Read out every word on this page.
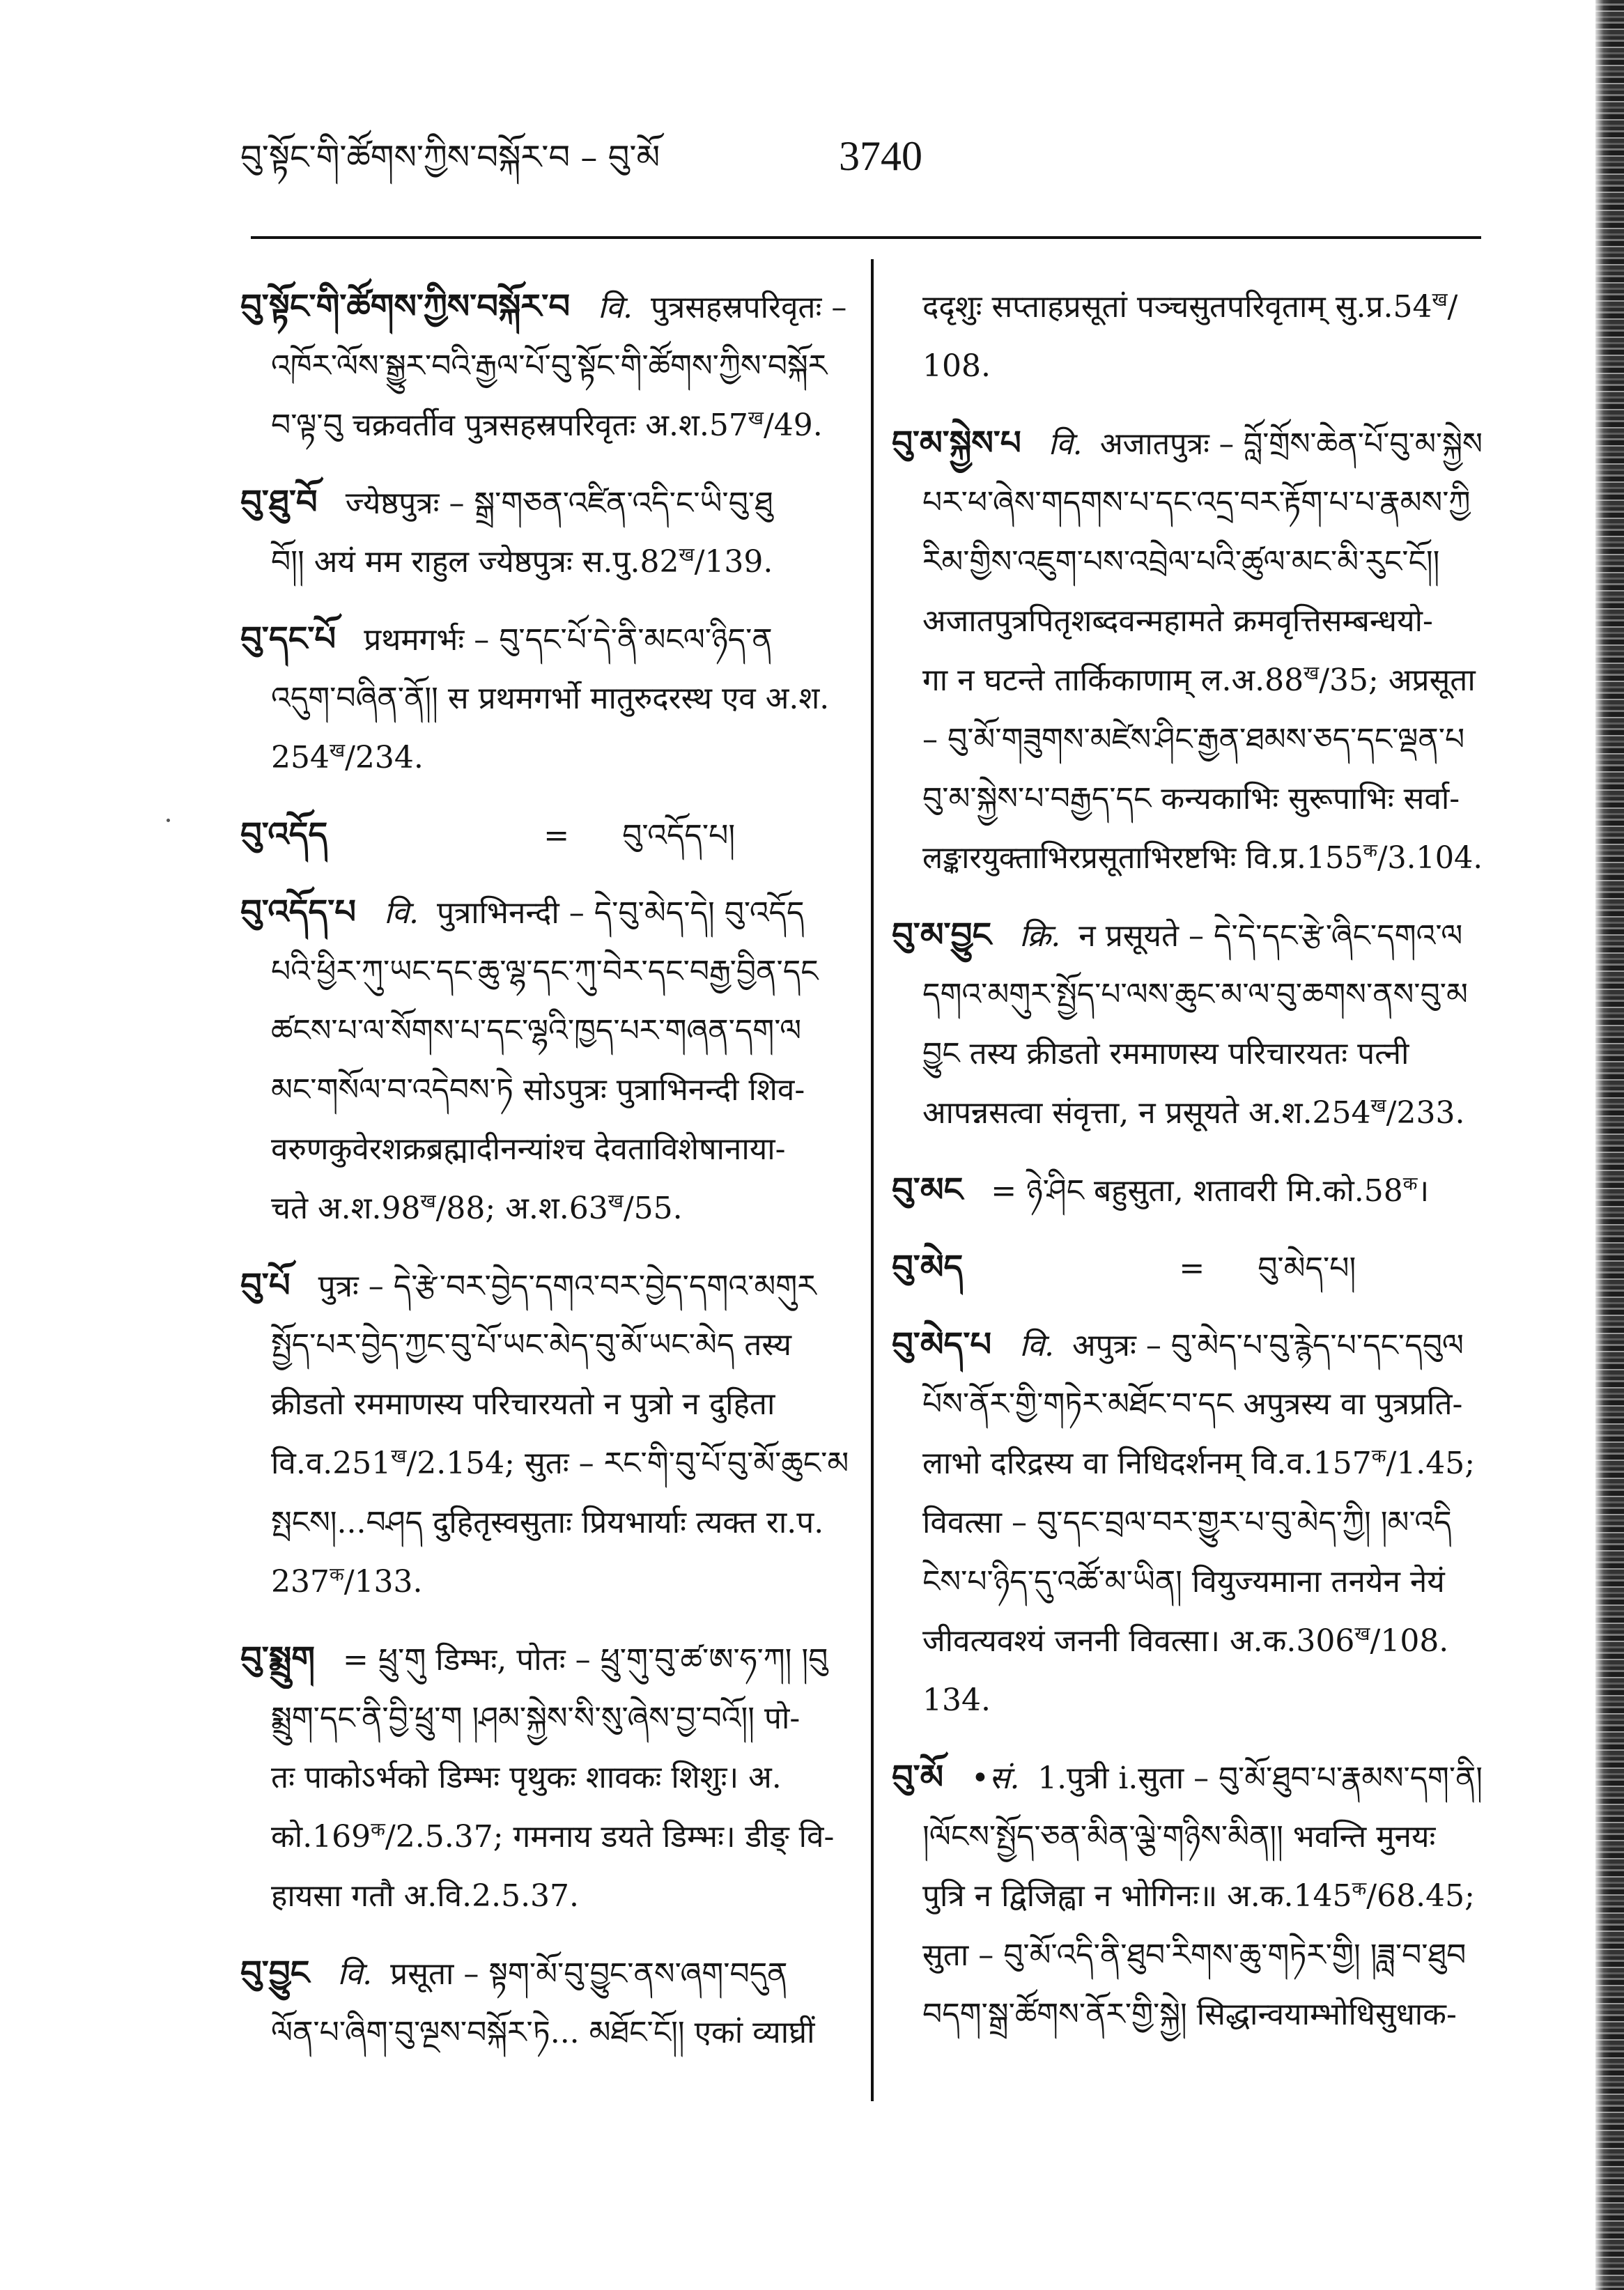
བུ་སྟོང་གི་ཚོགས་ཀྱིས་བསྐོར་བ – བུ་མོ	3740
བུ་སྟོང་གི་ཚོགས་ཀྱིས་བསྐོར་བ वि. पुत्रसहस्रपरिवृतः –
འཁོར་ལོས་སྒྱུར་བའི་རྒྱལ་པོ་བུ་སྟོང་གི་ཚོགས་ཀྱིས་བསྐོར
བ་ལྟ་བུ चक्रवर्तीव पुत्रसहस्रपरिवृतः $अ.श.57^ख/49$.
བུ་ཐུ་བོ ज्येष्ठपुत्रः – སྒྲ་གཅན་འཛིན་འདི་ང་ཡི་བུ་ཐུ
བོ།། अयं मम राहुल ज्येष्ठपुत्रः $स.पु.82^ख/139$.
བུ་དང་པོ प्रथमगर्भः – བུ་དང་པོ་དེ་ནི་མངལ་ཉིད་ན
འདུག་བཞིན་ནོ།། स प्रथमगर्भो मातुरुदरस्थ एव अ.श.
$254^ख/234$.
བུ་འདོད	= བུ་འདོད་པ།
བུ་འདོད་པ वि. पुत्राभिनन्दी – དེ་བུ་མེད་དེ། བུ་འདོད
པའི་ཕྱིར་ཀུ་ཡང་དང་ཆུ་ལྷ་དང་ཀུ་བེར་དང་བརྒྱ་བྱིན་དང
ཚངས་པ་ལ་སོགས་པ་དང་ལྷའི་ཁྱད་པར་གཞན་དག་ལ
མང་གསོལ་བ་འདེབས་ཏེ सोऽपुत्रः पुत्राभिनन्दी शिव-
वरुणकुवेरशक्रब्रह्मादीनन्यांश्च देवताविशेषानाया-
चते $अ.श.98^ख/88$; $अ.श.63^ख/55$.
བུ་པོ पुत्रः – དེ་རྩེ་བར་བྱེད་དགའ་བར་བྱེད་དགའ་མགུར
སྤྱོད་པར་བྱེད་ཀྱང་བུ་པོ་ཡང་མེད་བུ་མོ་ཡང་མེད तस्य
क्रीडतो रममाणस्य परिचारयतो न पुत्रो न दुहिता
$वि.व.251^ख/2.154$; सुतः – རང་གི་བུ་པོ་བུ་མོ་ཆུང་མ
སྤངས།...བཤད दुहितृस्वसुताः प्रियभार्याः त्यक्त रा.प.
$237^क/133$.
བུ་སྨྲུག = ཕྲུ་གུ डिम्भः, पोतः – ཕྲུ་གུ་བུ་ཚ་ཨ་ཧ་ཀ། །བུ
སྨྲུག་དང་ནི་བྱི་ཕྲུ་ག །ཤམ་སྐྱེས་སི་སུ་ཞེས་བྱ་བའོ།། पो-
तः पाकोऽर्भको डिम्भः पृथुकः शावकः शिशुः। अ.
$को.169^क/2.5.37$; गमनाय डयते डिम्भः। डीङ् वि-
हायसा गतौ अ.वि.2.5.37.
བུ་བྱུང वि. प्रसूता – སྟག་མོ་བུ་བྱུང་ནས་ཞག་བདུན
ལོན་པ་ཞིག་བུ་ལྔས་བསྐོར་ཏེ... མཐོང་ངོ།། एकां व्याघ्रीं
ददृशुः सप्ताहप्रसूतां पञ्चसुतपरिवृताम् $सु.प्र.54^ख/$
108.
བུ་མ་སྐྱེས་པ वि. अजातपुत्रः – བློ་གྲོས་ཆེན་པོ་བུ་མ་སྐྱེས
པར་ཕ་ཞེས་གདགས་པ་དང་འདྲ་བར་རྟོག་པ་པ་རྣམས་ཀྱི
རིམ་གྱིས་འཇུག་པས་འབྲེལ་པའི་ཚུལ་མང་མི་རུང་ངོ།།
अजातपुत्रपितृशब्दवन्महामते क्रमवृत्तिसम्बन्धयो-
गा न घटन्ते तार्किकाणाम् $ल.अ.88^ख/35$; अप्रसूता
– བུ་མོ་གཟུགས་མཛེས་ཤིང་རྒྱན་ཐམས་ཅད་དང་ལྡན་པ
བུ་མ་སྐྱེས་པ་བརྒྱད་དང कन्यकाभिः सुरूपाभिः सर्वा-
लङ्कारयुक्ताभिरप्रसूताभिरष्टभिः $वि.प्र.155^क/3.104$.
བུ་མ་བྱུང क्रि. न प्रसूयते – དེ་དེ་དང་རྩེ་ཞིང་དགའ་ལ
དགའ་མགུར་སྤྱོད་པ་ལས་ཆུང་མ་ལ་བུ་ཆགས་ནས་བུ་མ
བྱུང तस्य क्रीडतो रममाणस्य परिचारयतः पत्नी
आपन्नसत्वा संवृत्ता, न प्रसूयते $अ.श.254^ख/233$.
བུ་མང = ཉེ་ཤིང बहुसुता, शतावरी $मि.को.58^क।$
བུ་མེད	= བུ་མེད་པ།
བུ་མེད་པ वि. अपुत्रः – བུ་མེད་པ་བུ་རྙེད་པ་དང་དབུལ
པོས་ནོར་གྱི་གཏེར་མཐོང་བ་དང अपुत्रस्य वा पुत्रप्रति-
लाभो दरिद्रस्य वा निधिदर्शनम् $वि.व.157^क/1.45$;
विवत्सा – བུ་དང་བྲལ་བར་གྱུར་པ་བུ་མེད་ཀྱི། །མ་འདི
ངེས་པ་ཉིད་དུ་འཚོ་མ་ཡིན། वियुज्यमाना तनयेन नेयं
जीवत्यवश्यं जननी विवत्सा। $अ.क.306^ख/108$.
134.
བུ་མོ •सं. 1.पुत्री i.सुता – བུ་མོ་ཐུབ་པ་རྣམས་དག་ནི།
།ལོངས་སྤྱོད་ཅན་མིན་ལྕེ་གཉིས་མིན།། भवन्ति मुनयः
पुत्रि न द्विजिह्वा न भोगिनः॥ $अ.क.145^क/68.45$;
सुता – བུ་མོ་འདི་ནི་ཐུབ་རིགས་ཆུ་གཏེར་གྱི། །ཟླ་བ་ཐུབ
བདག་སྒྲ་ཚོགས་ནོར་གྱི་སྐྱེ། सिद्धान्वयाम्भोधिसुधाक-
